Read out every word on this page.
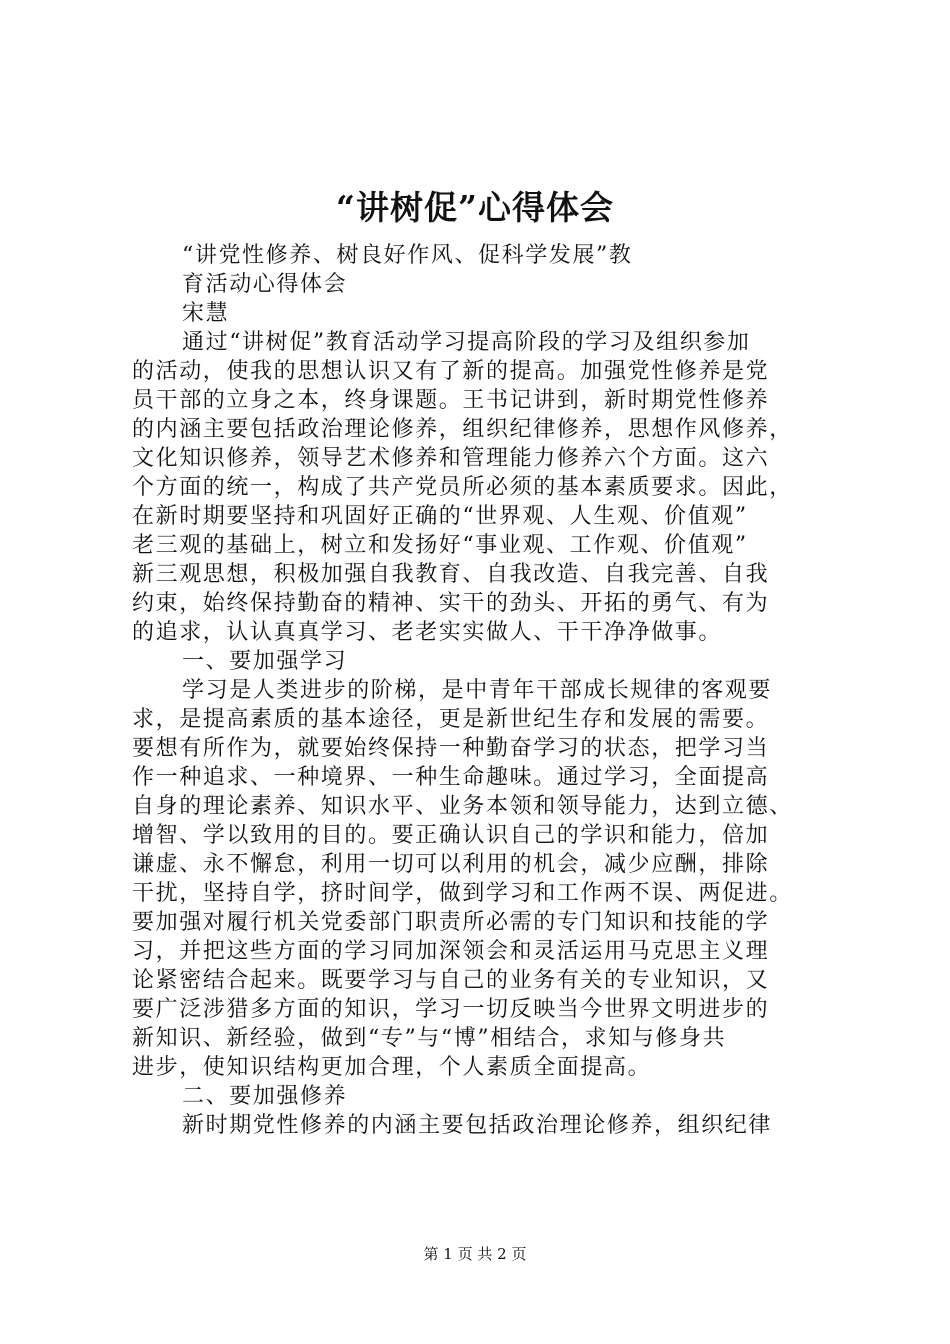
“讲树促”心得体会
“讲党性修养、树良好作风、促科学发展”教
育活动心得体会
宋慧
通过“讲树促”教育活动学习提高阶段的学习及组织参加
的活动，使我的思想认识又有了新的提高。加强党性修养是党
员干部的立身之本，终身课题。王书记讲到，新时期党性修养
的内涵主要包括政治理论修养，组织纪律修养，思想作风修养，
文化知识修养，领导艺术修养和管理能力修养六个方面。这六
个方面的统一，构成了共产党员所必须的基本素质要求。因此，
在新时期要坚持和巩固好正确的“世界观、人生观、价值观”
老三观的基础上，树立和发扬好“事业观、工作观、价值观”
新三观思想，积极加强自我教育、自我改造、自我完善、自我
约束，始终保持勤奋的精神、实干的劲头、开拓的勇气、有为
的追求，认认真真学习、老老实实做人、干干净净做事。
一、要加强学习
学习是人类进步的阶梯，是中青年干部成长规律的客观要
求，是提高素质的基本途径，更是新世纪生存和发展的需要。
要想有所作为，就要始终保持一种勤奋学习的状态，把学习当
作一种追求、一种境界、一种生命趣味。通过学习，全面提高
自身的理论素养、知识水平、业务本领和领导能力，达到立德、
增智、学以致用的目的。要正确认识自己的学识和能力，倍加
谦虚、永不懈怠，利用一切可以利用的机会，减少应酬，排除
干扰，坚持自学，挤时间学，做到学习和工作两不误、两促进。
要加强对履行机关党委部门职责所必需的专门知识和技能的学
习，并把这些方面的学习同加深领会和灵活运用马克思主义理
论紧密结合起来。既要学习与自己的业务有关的专业知识，又
要广泛涉猎多方面的知识，学习一切反映当今世界文明进步的
新知识、新经验，做到“专”与“博”相结合，求知与修身共
进步，使知识结构更加合理，个人素质全面提高。
二、要加强修养
新时期党性修养的内涵主要包括政治理论修养，组织纪律
第 1 页 共 2 页
